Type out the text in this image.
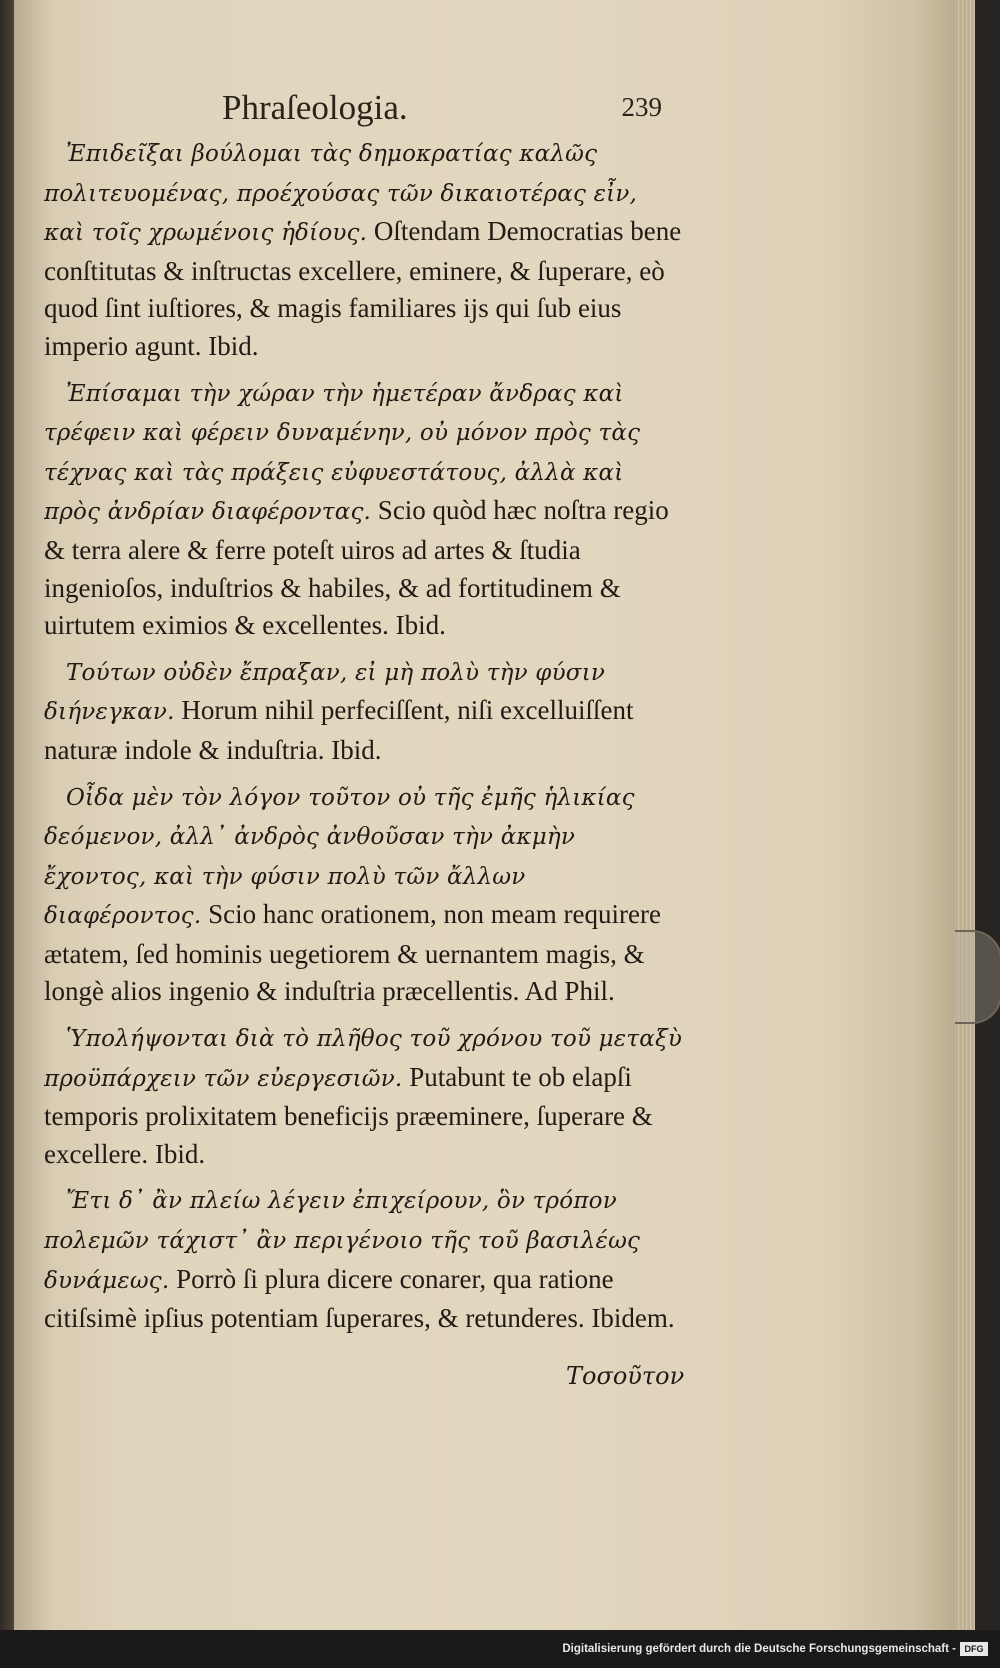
Phraſeologia.	239

Ἐπιδεῖξαι βούλομαι τὰς δημοκρατίας καλῶς πολιτευομένας, προέχούσας τῶν δικαιοτέρας εἶν, καὶ τοῖς χρωμένοις ἡδίους. Oſtendam Democratias bene conſtitutas & inſtructas excellere, eminere, & ſuperare, eò quod ſint iuſtiores, & magis familiares ijs qui ſub eius imperio agunt. Ibid.

Ἐπίσαμαι τὴν χώραν τὴν ἡμετέραν ἄνδρας καὶ τρέφειν καὶ φέρειν δυναμένην, οὐ μόνον πρὸς τὰς τέχνας καὶ τὰς πράξεις εὐφυεστάτους, ἀλλὰ καὶ πρὸς ἀνδρίαν διαφέροντας. Scio quòd hæc noſtra regio & terra alere & ferre poteſt uiros ad artes & ſtudia ingenioſos, induſtrios & habiles, & ad fortitudinem & uirtutem eximios & excellentes. Ibid.

Τούτων οὐδὲν ἔπραξαν, εἰ μὴ πολὺ τὴν φύσιν διήνεγκαν. Horum nihil perfeciſſent, niſi excelluiſſent naturæ indole & induſtria. Ibid.

Οἶδα μὲν τὸν λόγον τοῦτον οὐ τῆς ἐμῆς ἡλικίας δεόμενον, ἀλλ᾽ ἀνδρὸς ἀνθοῦσαν τὴν ἀκμὴν ἔχοντος, καὶ τὴν φύσιν πολὺ τῶν ἄλλων διαφέροντος. Scio hanc orationem, non meam requirere ætatem, ſed hominis uegetiorem & uernantem magis, & longè alios ingenio & induſtria præcellentis. Ad Phil.

Ὑπολήψονται διὰ τὸ πλῆθος τοῦ χρόνου τοῦ μεταξὺ προϋπάρχειν τῶν εὐεργεσιῶν. Putabunt te ob elapſi temporis prolixitatem beneficijs præeminere, ſuperare & excellere. Ibid.

Ἔτι δ᾽ ἂν πλείω λέγειν ἐπιχείρουν, ὃν τρόπον πολεμῶν τάχιστ᾽ ἂν περιγένοιο τῆς τοῦ βασιλέως δυνάμεως. Porrò ſi plura dicere conarer, qua ratione citiſsimè ipſius potentiam ſuperares, & retunderes. Ibidem.

Τοσοῦτον
Digitalisierung gefördert durch die Deutsche Forschungsgemeinschaft - DFG
